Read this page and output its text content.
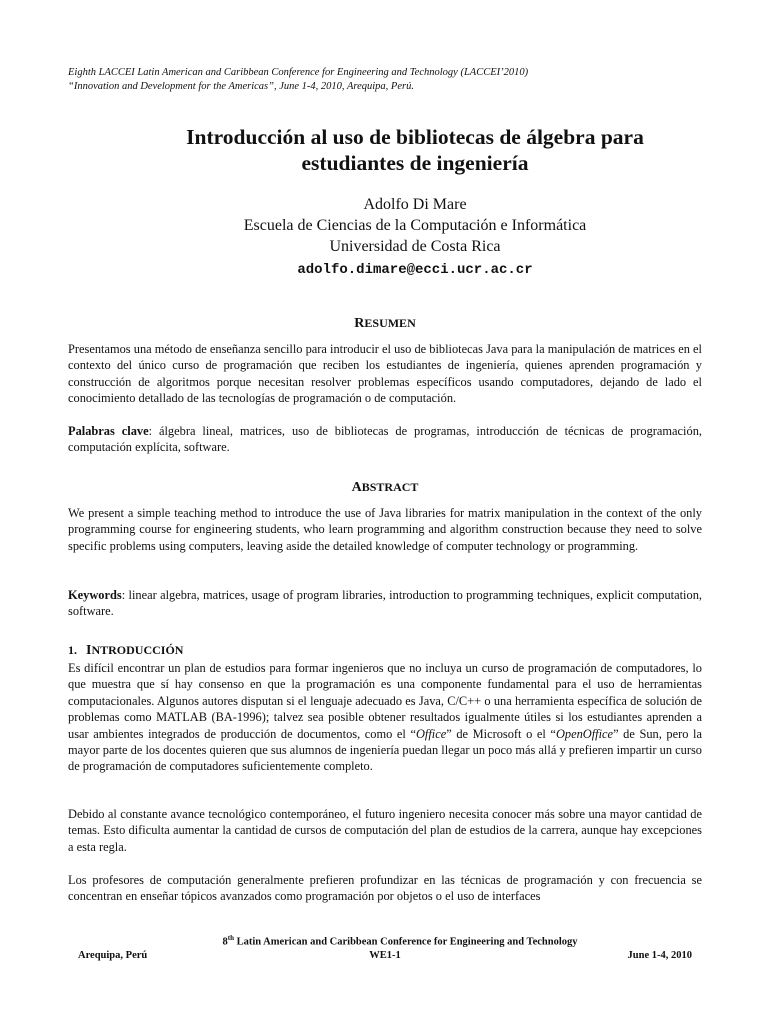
Eighth LACCEI Latin American and Caribbean Conference for Engineering and Technology (LACCEI’2010)
“Innovation and Development for the Americas”, June 1-4, 2010, Arequipa, Perú.
Introducción al uso de bibliotecas de álgebra para
estudiantes de ingeniería
Adolfo Di Mare
Escuela de Ciencias de la Computación e Informática
Universidad de Costa Rica
adolfo.dimare@ecci.ucr.ac.cr
RESUMEN
Presentamos una método de enseñanza sencillo para introducir el uso de bibliotecas Java para la manipulación de matrices en el contexto del único curso de programación que reciben los estudiantes de ingeniería, quienes aprenden programación y construcción de algoritmos porque necesitan resolver problemas específicos usando computadores, dejando de lado el conocimiento detallado de las tecnologías de programación o de computación.
Palabras clave: álgebra lineal, matrices, uso de bibliotecas de programas, introducción de técnicas de programación, computación explícita, software.
ABSTRACT
We present a simple teaching method to introduce the use of Java libraries for matrix manipulation in the context of the only programming course for engineering students, who learn programming and algorithm construction because they need to solve specific problems using computers, leaving aside the detailed knowledge of computer technology or programming.
Keywords: linear algebra, matrices, usage of program libraries, introduction to programming techniques, explicit computation, software.
1. INTRODUCCIÓN
Es difícil encontrar un plan de estudios para formar ingenieros que no incluya un curso de programación de computadores, lo que muestra que sí hay consenso en que la programación es una componente fundamental para el uso de herramientas computacionales. Algunos autores disputan si el lenguaje adecuado es Java, C/C++ o una herramienta específica de solución de problemas como MATLAB (BA-1996); talvez sea posible obtener resultados igualmente útiles si los estudiantes aprenden a usar ambientes integrados de producción de documentos, como el “Office” de Microsoft o el “OpenOffice” de Sun, pero la mayor parte de los docentes quieren que sus alumnos de ingeniería puedan llegar un poco más allá y prefieren impartir un curso de programación de computadores suficientemente completo.
Debido al constante avance tecnológico contemporáneo, el futuro ingeniero necesita conocer más sobre una mayor cantidad de temas. Esto dificulta aumentar la cantidad de cursos de computación del plan de estudios de la carrera, aunque hay excepciones a esta regla.
Los profesores de computación generalmente prefieren profundizar en las técnicas de programación y con frecuencia se concentran en enseñar tópicos avanzados como programación por objetos o el uso de interfaces
8th Latin American and Caribbean Conference for Engineering and Technology
Arequipa, Perú	WE1-1	June 1-4, 2010
